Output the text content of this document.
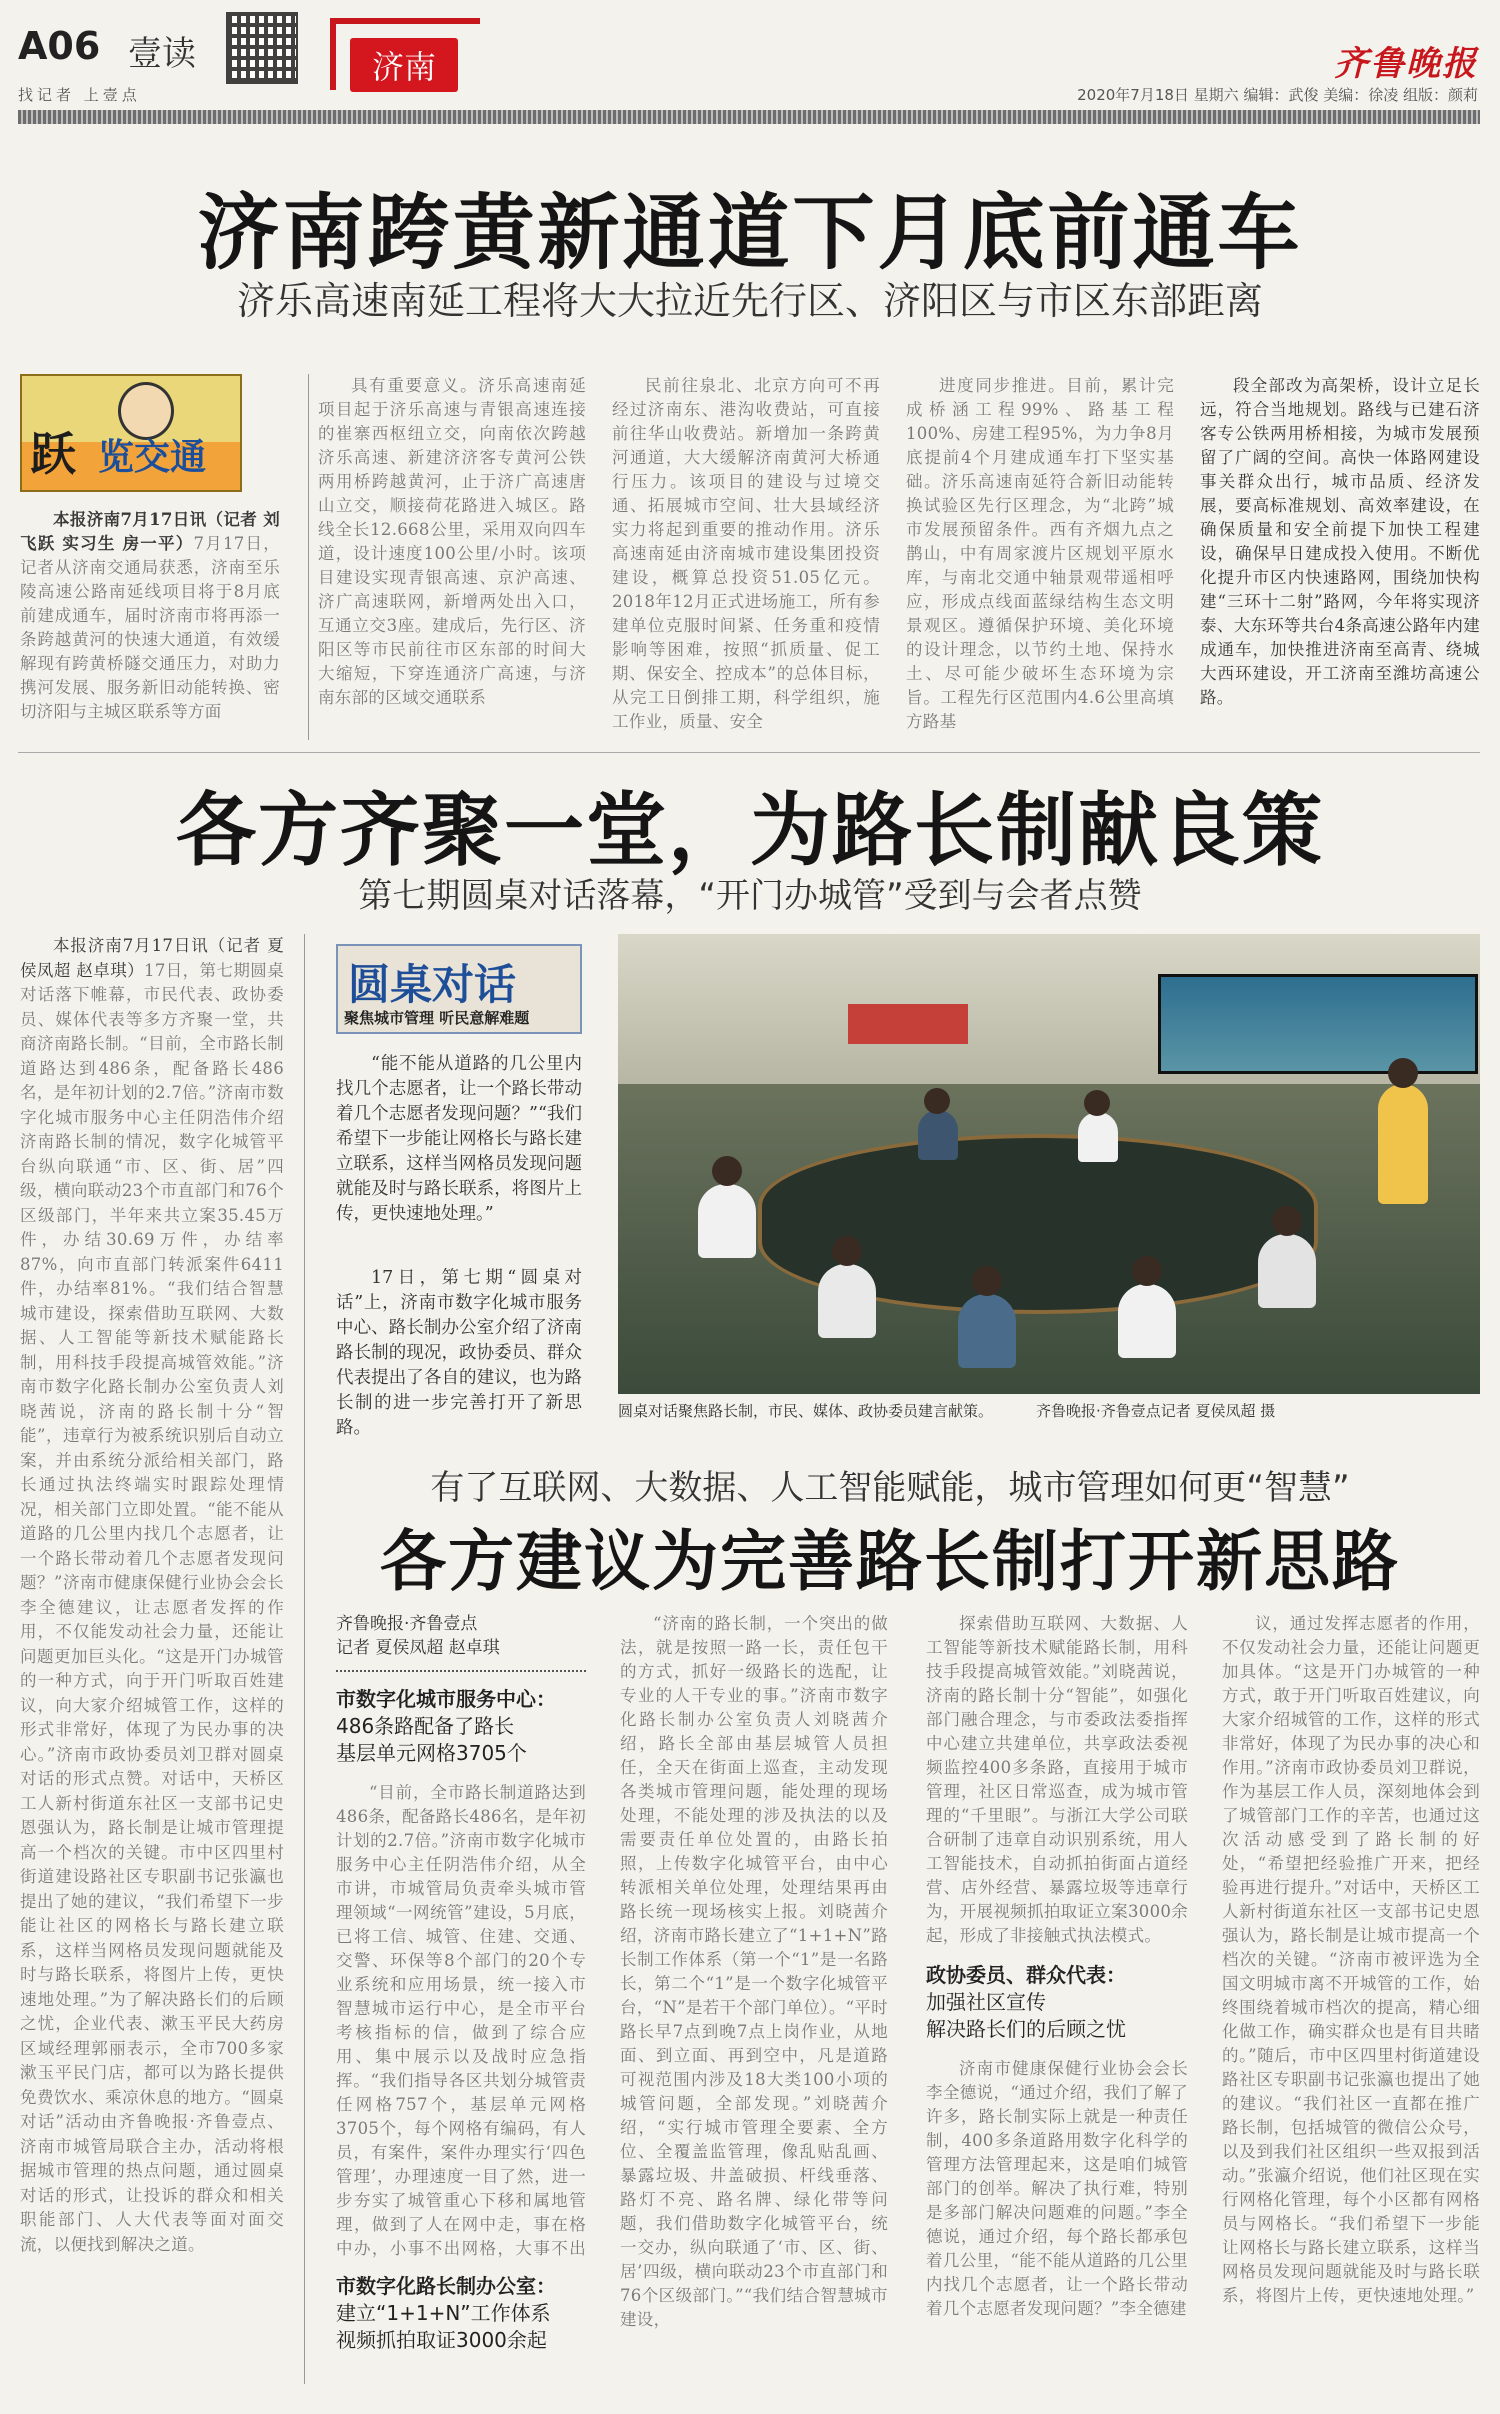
A06 壹读	济南	齐鲁晚报
找记者 上壹点	2020年7月18日 星期六 编辑：武俊 美编：徐凌 组版：颜莉
济南跨黄新通道下月底前通车
济乐高速南延工程将大大拉近先行区、济阳区与市区东部距离
跃 览交通
本报济南7月17日讯（记者 刘飞跃 实习生 房一平）7月17日，记者从济南交通局获悉，济南至乐陵高速公路南延线项目将于8月底前建成通车，届时济南市将再添一条跨越黄河的快速大通道，有效缓解现有跨黄桥隧交通压力，对助力携河发展、服务新旧动能转换、密切济阳与主城区联系等方面

具有重要意义。济乐高速南延项目起于济乐高速与青银高速连接的崔寨西枢纽立交，向南依次跨越济乐高速、新建济济客专黄河公铁两用桥跨越黄河，止于济广高速唐山立交，顺接荷花路进入城区。路线全长12.668公里，采用双向四车道，设计速度100公里/小时。该项目建设实现青银高速、京沪高速、济广高速联网，新增两处出入口，互通立交3座。建成后，先行区、济阳区等市民前往市区东部的时间大大缩短，下穿连通济广高速，与济南东部的区域交通联系

民前往泉北、北京方向可不再经过济南东、港沟收费站，可直接前往华山收费站。新增加一条跨黄河通道，大大缓解济南黄河大桥通行压力。该项目的建设与过境交通、拓展城市空间、壮大县域经济实力将起到重要的推动作用。济乐高速南延由济南城市建设集团投资建设，概算总投资51.05亿元。2018年12月正式进场施工，所有参建单位克服时间紧、任务重和疫情影响等困难，按照“抓质量、促工期、保安全、控成本”的总体目标，从完工日倒排工期，科学组织，施工作业，质量、安全

进度同步推进。目前，累计完成桥涵工程99%、路基工程100%、房建工程95%，为力争8月底提前4个月建成通车打下坚实基础。济乐高速南延符合新旧动能转换试验区先行区理念，为“北跨”城市发展预留条件。西有齐烟九点之鹊山，中有周家渡片区规划平原水库，与南北交通中轴景观带遥相呼应，形成点线面蓝绿结构生态文明景观区。遵循保护环境、美化环境的设计理念，以节约土地、保持水土、尽可能少破坏生态环境为宗旨。工程先行区范围内4.6公里高填方路基

段全部改为高架桥，设计立足长远，符合当地规划。路线与已建石济客专公铁两用桥相接，为城市发展预留了广阔的空间。高快一体路网建设事关群众出行，城市品质、经济发展，要高标准规划、高效率建设，在确保质量和安全前提下加快工程建设，确保早日建成投入使用。不断优化提升市区内快速路网，围绕加快构建“三环十二射”路网，今年将实现济泰、大东环等共台4条高速公路年内建成通车，加快推进济南至高青、绕城大西环建设，开工济南至潍坊高速公路。

各方齐聚一堂，为路长制献良策
第七期圆桌对话落幕，“开门办城管”受到与会者点赞
本报济南7月17日讯（记者 夏侯凤超 赵卓琪）17日，第七期圆桌对话落下帷幕，市民代表、政协委员、媒体代表等多方齐聚一堂，共商济南路长制。“目前，全市路长制道路达到486条，配备路长486名，是年初计划的2.7倍。”济南市数字化城市服务中心主任阴浩伟介绍济南路长制的情况，数字化城管平台纵向联通“市、区、街、居”四级，横向联动23个市直部门和76个区级部门，半年来共立案35.45万件，办结30.69万件，办结率87%，向市直部门转派案件6411件，办结率81%。“我们结合智慧城市建设，探索借助互联网、大数据、人工智能等新技术赋能路长制，用科技手段提高城管效能。”济南市数字化路长制办公室负责人刘晓茜说，济南的路长制十分“智能”，违章行为被系统识别后自动立案，并由系统分派给相关部门，路长通过执法终端实时跟踪处理情况，相关部门立即处置。“能不能从道路的几公里内找几个志愿者，让一个路长带动着几个志愿者发现问题？”济南市健康保健行业协会会长李全德建议，让志愿者发挥的作用，不仅能发动社会力量，还能让问题更加巨头化。“这是开门办城管的一种方式，向于开门听取百姓建议，向大家介绍城管工作，这样的形式非常好，体现了为民办事的决心。”济南市政协委员刘卫群对圆桌对话的形式点赞。对话中，天桥区工人新村街道东社区一支部书记史恩强认为，路长制是让城市管理提高一个档次的关键。市中区四里村街道建设路社区专职副书记张瀛也提出了她的建议，“我们希望下一步能让社区的网格长与路长建立联系，这样当网格员发现问题就能及时与路长联系，将图片上传，更快速地处理。”为了解决路长们的后顾之忧，企业代表、漱玉平民大药房区域经理郭丽表示，全市700多家漱玉平民门店，都可以为路长提供免费饮水、乘凉休息的地方。“圆桌对话”活动由齐鲁晚报·齐鲁壹点、济南市城管局联合主办，活动将根据城市管理的热点问题，通过圆桌对话的形式，让投诉的群众和相关职能部门、人大代表等面对面交流，以便找到解决之道。
圆桌对话
聚焦城市管理 听民意解难题

“能不能从道路的几公里内找几个志愿者，让一个路长带动着几个志愿者发现问题？”“我们希望下一步能让网格长与路长建立联系，这样当网格员发现问题就能及时与路长联系，将图片上传，更快速地处理。”

17日，第七期“圆桌对话”上，济南市数字化城市服务中心、路长制办公室介绍了济南路长制的现况，政协委员、群众代表提出了各自的建议，也为路长制的进一步完善打开了新思路。

圆桌对话聚焦路长制，市民、媒体、政协委员建言献策。	齐鲁晚报·齐鲁壹点记者 夏侯凤超 摄
有了互联网、大数据、人工智能赋能，城市管理如何更“智慧”
各方建议为完善路长制打开新思路
齐鲁晚报·齐鲁壹点
记者 夏侯凤超 赵卓琪
市数字化城市服务中心：
486条路配备了路长
基层单元网格3705个

“目前，全市路长制道路达到486条，配备路长486名，是年初计划的2.7倍。”济南市数字化城市服务中心主任阴浩伟介绍，从全市讲，市城管局负责牵头城市管理领域“一网统管”建设，5月底，已将工信、城管、住建、交通、交警、环保等8个部门的20个专业系统和应用场景，统一接入市智慧城市运行中心，是全市平台考核指标的信，做到了综合应用、集中展示以及战时应急指挥。“我们指导各区共划分城管责任网格757个，基层单元网格3705个，每个网格有编码，有人员，有案件，案件办理实行‘四色管理’，办理速度一目了然，进一步夯实了城管重心下移和属地管理，做到了人在网中走，事在格中办，小事不出网格，大事不出

市数字化路长制办公室：
建立“1+1+N”工作体系
视频抓拍取证3000余起

“济南的路长制，一个突出的做法，就是按照一路一长，责任包干的方式，抓好一级路长的选配，让专业的人干专业的事。”济南市数字化路长制办公室负责人刘晓茜介绍，路长全部由基层城管人员担任，全天在街面上巡查，主动发现各类城市管理问题，能处理的现场处理，不能处理的涉及执法的以及需要责任单位处置的，由路长拍照，上传数字化城管平台，由中心转派相关单位处理，处理结果再由路长统一现场核实上报。刘晓茜介绍，济南市路长建立了“1+1+N”路长制工作体系（第一个“1”是一名路长，第二个“1”是一个数字化城管平台，“N”是若干个部门单位）。“平时路长早7点到晚7点上岗作业，从地面、到立面、再到空中，凡是道路可视范围内涉及18大类100小项的城管问题，全部发现。”刘晓茜介绍，“实行城市管理全要素、全方位、全覆盖监管理，像乱贴乱画、暴露垃圾、井盖破损、杆线垂落、路灯不亮、路名牌、绿化带等问题，我们借助数字化城管平台，统一交办，纵向联通了‘市、区、街、居’四级，横向联动23个市直部门和76个区级部门。”“我们结合智慧城市建设，

探索借助互联网、大数据、人工智能等新技术赋能路长制，用科技手段提高城管效能。”刘晓茜说，济南的路长制十分“智能”，如强化部门融合理念，与市委政法委指挥中心建立共建单位，共享政法委视频监控400多条路，直接用于城市管理，社区日常巡查，成为城市管理的“千里眼”。与浙江大学公司联合研制了违章自动识别系统，用人工智能技术，自动抓拍街面占道经营、店外经营、暴露垃圾等违章行为，开展视频抓拍取证立案3000余起，形成了非接触式执法模式。

政协委员、群众代表：
加强社区宣传
解决路长们的后顾之忧

济南市健康保健行业协会会长李全德说，“通过介绍，我们了解了许多，路长制实际上就是一种责任制，400多条道路用数字化科学的管理方法管理起来，这是咱们城管部门的创举。解决了执行难，特别是多部门解决问题难的问题。”李全德说，通过介绍，每个路长都承包着几公里，“能不能从道路的几公里内找几个志愿者，让一个路长带动着几个志愿者发现问题？”李全德建

议，通过发挥志愿者的作用，不仅发动社会力量，还能让问题更加具体。“这是开门办城管的一种方式，敢于开门听取百姓建议，向大家介绍城管的工作，这样的形式非常好，体现了为民办事的决心和作用。”济南市政协委员刘卫群说，作为基层工作人员，深刻地体会到了城管部门工作的辛苦，也通过这次活动感受到了路长制的好处，“希望把经验推广开来，把经验再进行提升。”对话中，天桥区工人新村街道东社区一支部书记史恩强认为，路长制是让城市提高一个档次的关键。“济南市被评选为全国文明城市离不开城管的工作，始终围绕着城市档次的提高，精心细化做工作，确实群众也是有目共睹的。”随后，市中区四里村街道建设路社区专职副书记张瀛也提出了她的建议。“我们社区一直都在推广路长制，包括城管的微信公众号，以及到我们社区组织一些双报到活动。”张瀛介绍说，他们社区现在实行网格化管理，每个小区都有网格员与网格长。“我们希望下一步能让网格长与路长建立联系，这样当网格员发现问题就能及时与路长联系，将图片上传，更快速地处理。”
